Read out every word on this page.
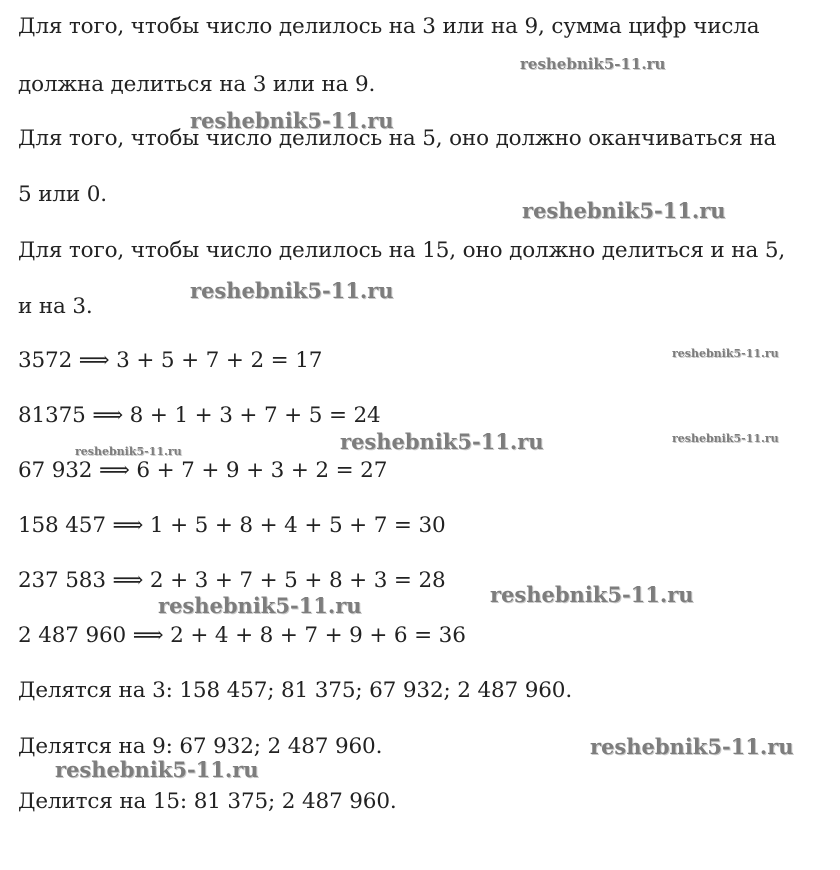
Для того, чтобы число делилось на 3 или на 9, сумма цифр числа

должна делиться на 3 или на 9.

Для того, чтобы число делилось на 5, оно должно оканчиваться на

5 или 0.

Для того, чтобы число делилось на 15, оно должно делиться и на 5,

и на 3.

3572 ⟹ 3 + 5 + 7 + 2 = 17

81375 ⟹ 8 + 1 + 3 + 7 + 5 = 24

67 932 ⟹ 6 + 7 + 9 + 3 + 2 = 27

158 457 ⟹ 1 + 5 + 8 + 4 + 5 + 7 = 30

237 583 ⟹ 2 + 3 + 7 + 5 + 8 + 3 = 28

2 487 960 ⟹ 2 + 4 + 8 + 7 + 9 + 6 = 36

Делятся на 3: 158 457; 81 375; 67 932; 2 487 960.

Делятся на 9: 67 932; 2 487 960.

Делится на 15: 81 375; 2 487 960.

reshebnik5-11.ru
reshebnik5-11.ru
reshebnik5-11.ru
reshebnik5-11.ru
reshebnik5-11.ru
reshebnik5-11.ru	reshebnik5-11.ru
reshebnik5-11.ru
reshebnik5-11.ru
reshebnik5-11.ru
reshebnik5-11.ru
reshebnik5-11.ru
